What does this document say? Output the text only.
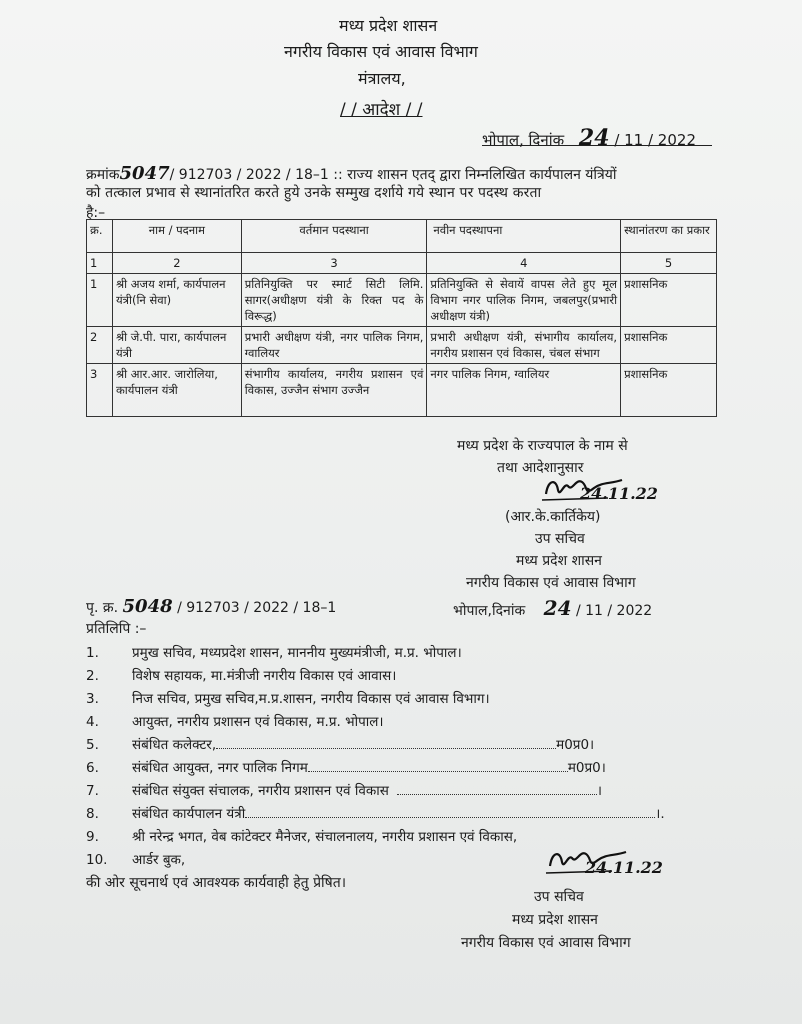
मध्य प्रदेश शासन
नगरीय विकास एवं आवास विभाग
मंत्रालय,
/ / आदेश / /
भोपाल, दिनांक 24 / 11 / 2022
क्रमांक5047/ 912703 / 2022 / 18–1 :: राज्य शासन एतद् द्वारा निम्नलिखित कार्यपालन यंत्रियों
को तत्काल प्रभाव से स्थानांतरित करते हुये उनके सम्मुख दर्शाये गये स्थान पर पदस्थ करता
है:–
क्र.	नाम / पदनाम	वर्तमान पदस्थाना	नवीन पदस्थापना	स्थानांतरण का प्रकार
1	2	3	4	5
1	श्री अजय शर्मा, कार्यपालन यंत्री(नि सेवा)	प्रतिनियुक्ति पर स्मार्ट सिटी लिमि. सागर(अधीक्षण यंत्री के रिक्त पद के विरूद्ध)	प्रतिनियुक्ति से सेवायें वापस लेते हुए मूल विभाग नगर पालिक निगम, जबलपुर(प्रभारी अधीक्षण यंत्री)	प्रशासनिक
2	श्री जे.पी. पारा, कार्यपालन यंत्री	प्रभारी अधीक्षण यंत्री, नगर पालिक निगम, ग्वालियर	प्रभारी अधीक्षण यंत्री, संभागीय कार्यालय, नगरीय प्रशासन एवं विकास, चंबल संभाग	प्रशासनिक
3	श्री आर.आर. जारोलिया, कार्यपालन यंत्री	संभागीय कार्यालय, नगरीय प्रशासन एवं विकास, उज्जैन संभाग उज्जैन	नगर पालिक निगम, ग्वालियर	प्रशासनिक
मध्य प्रदेश के राज्यपाल के नाम से
तथा आदेशानुसार
24.11.22
(आर.के.कार्तिकेय)
उप सचिव
मध्य प्रदेश शासन
नगरीय विकास एवं आवास विभाग
पृ. क्र. 5048 / 912703 / 2022 / 18–1	भोपाल,दिनांक 24 / 11 / 2022
प्रतिलिपि :–
1. प्रमुख सचिव, मध्यप्रदेश शासन, माननीय मुख्यमंत्रीजी, म.प्र. भोपाल।
2. विशेष सहायक, मा.मंत्रीजी नगरीय विकास एवं आवास।
3. निज सचिव, प्रमुख सचिव,म.प्र.शासन, नगरीय विकास एवं आवास विभाग।
4. आयुक्त, नगरीय प्रशासन एवं विकास, म.प्र. भोपाल।
5. संबंधित कलेक्टर,	म0प्र0।
6. संबंधित आयुक्त, नगर पालिक निगम	म0प्र0।
7. संबंधित संयुक्त संचालक, नगरीय प्रशासन एवं विकास	।
8. संबंधित कार्यपालन यंत्री	।.
9. श्री नरेन्द्र भगत, वेब कांटेक्टर मैनेजर, संचालनालय, नगरीय प्रशासन एवं विकास,
10. आर्डर बुक,
की ओर सूचनार्थ एवं आवश्यक कार्यवाही हेतु प्रेषित।
24.11.22
उप सचिव
मध्य प्रदेश शासन
नगरीय विकास एवं आवास विभाग
